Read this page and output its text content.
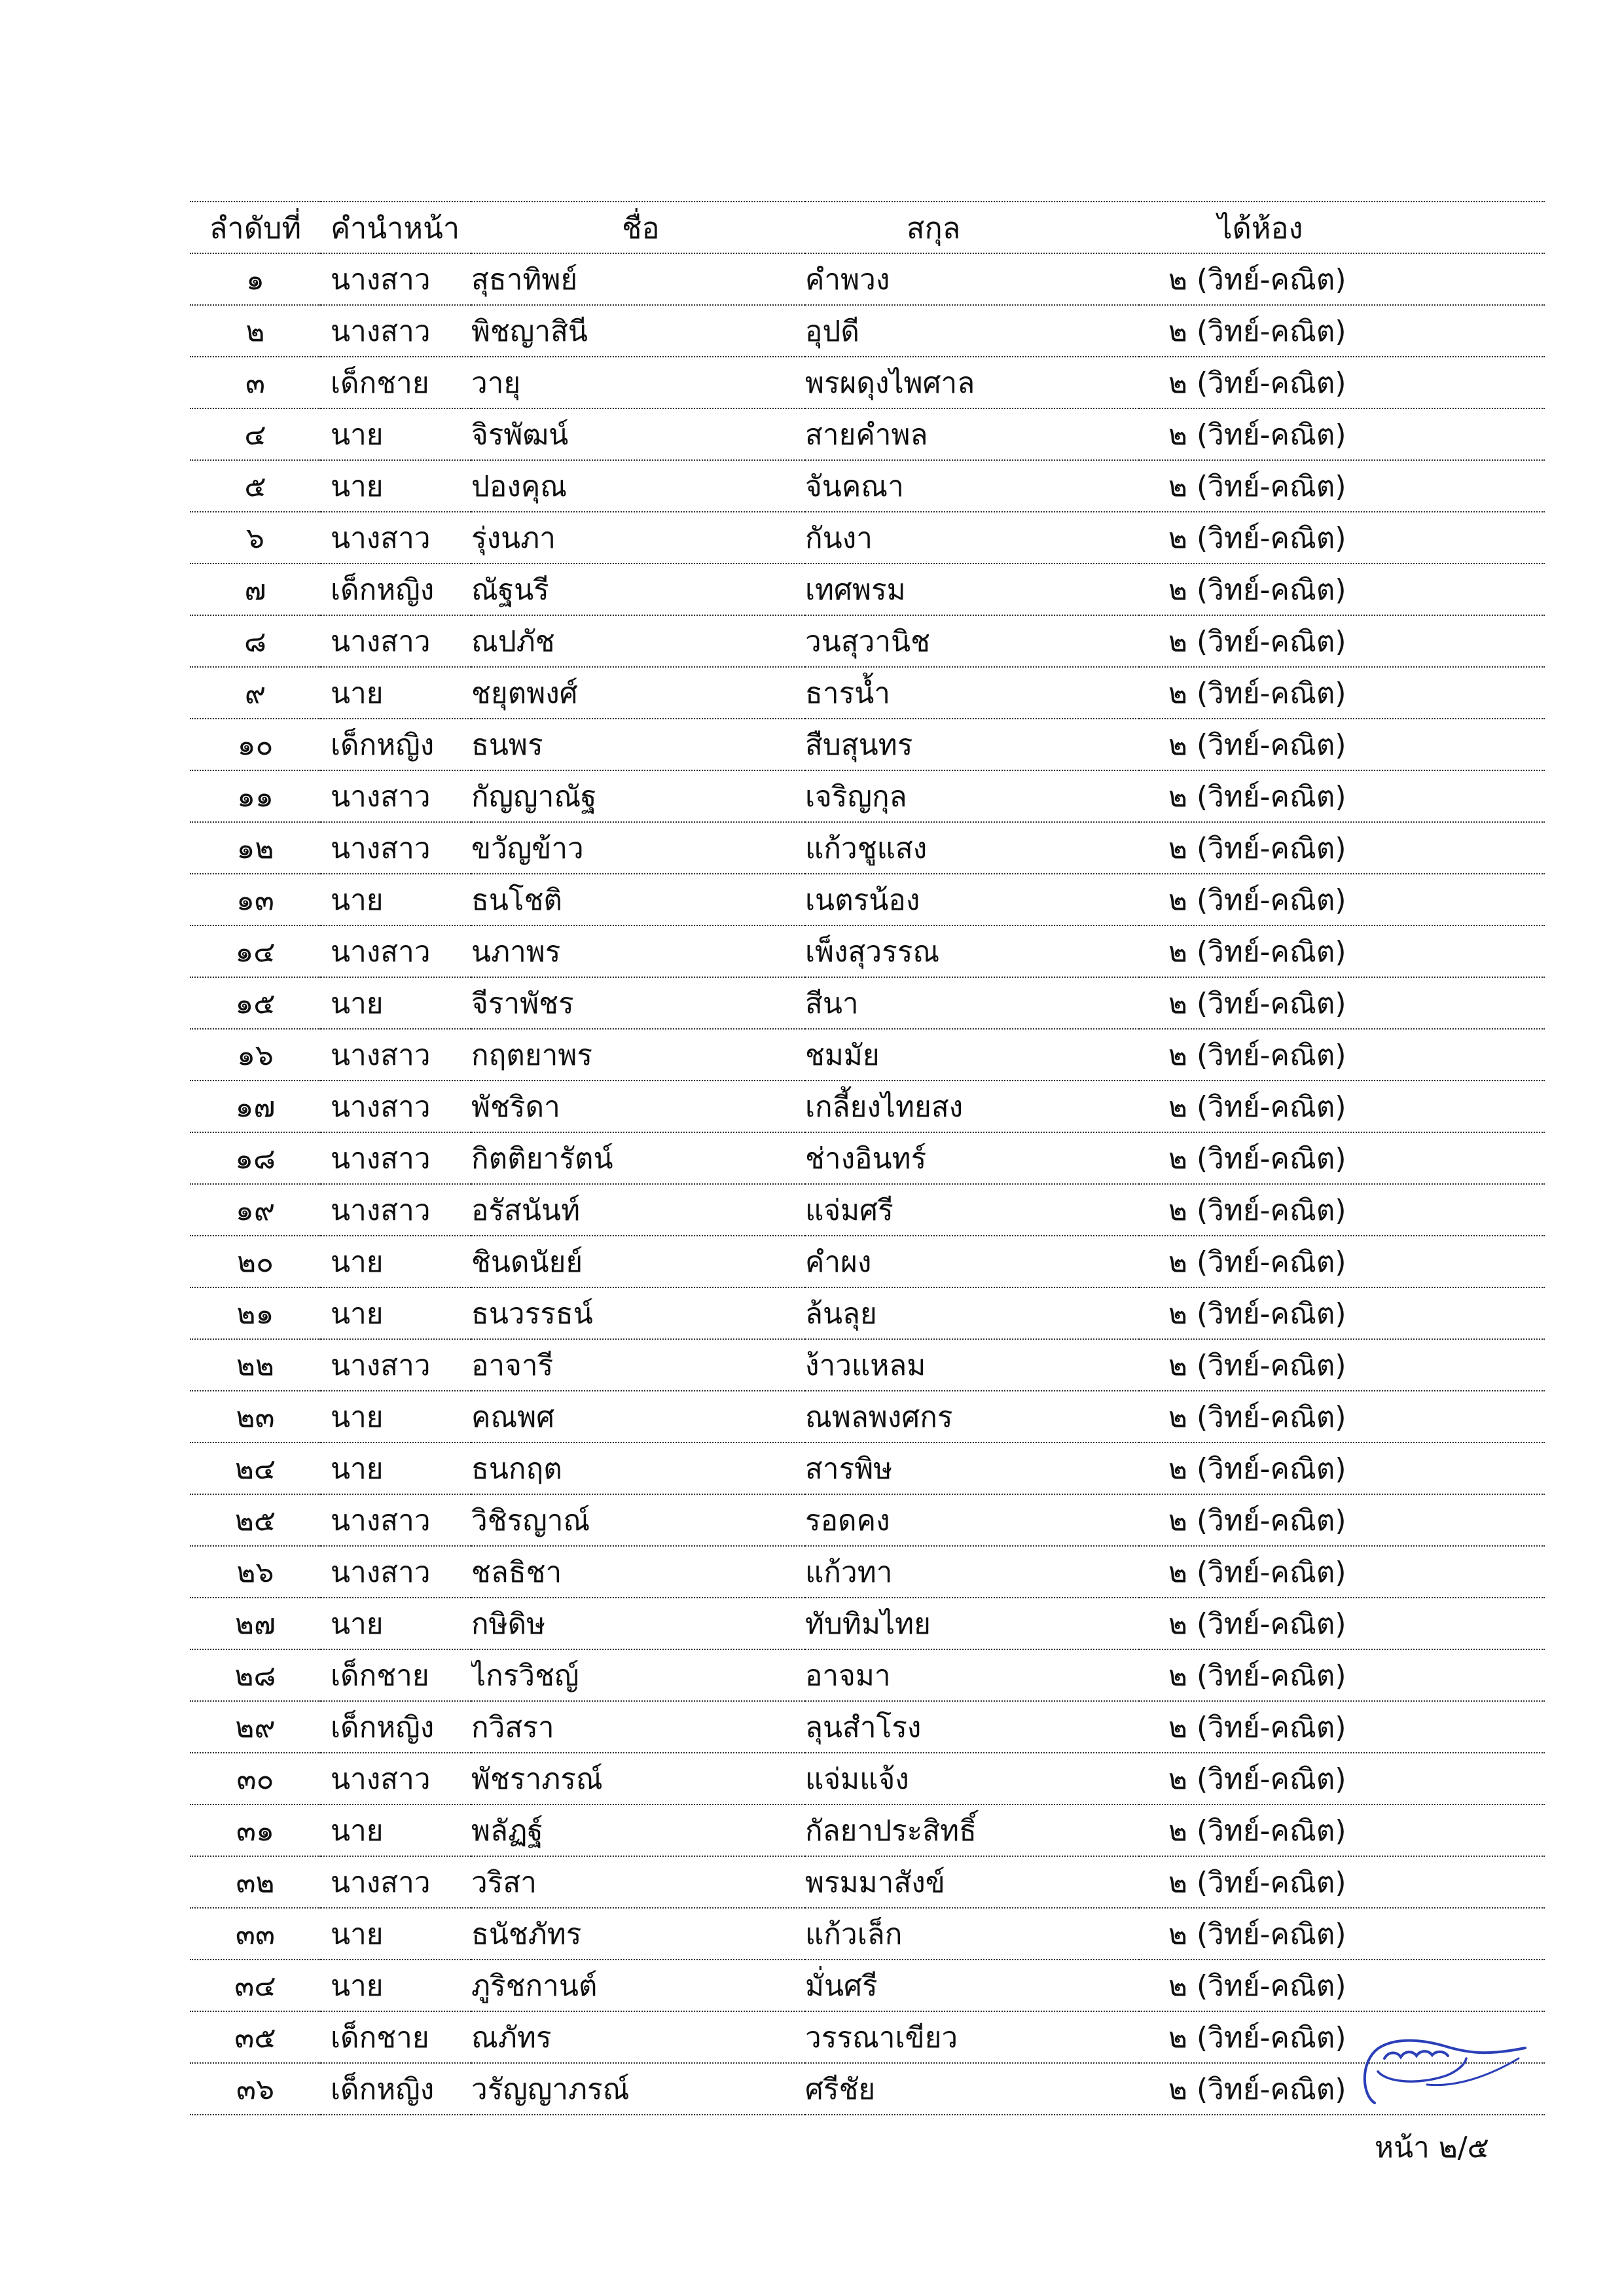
ลำดับที่	คำนำหน้า	ชื่อ	สกุล	ได้ห้อง
๑	นางสาว	สุธาทิพย์	คำพวง	๒ (วิทย์-คณิต)
๒	นางสาว	พิชญาสินี	อุปดี	๒ (วิทย์-คณิต)
๓	เด็กชาย	วายุ	พรผดุงไพศาล	๒ (วิทย์-คณิต)
๔	นาย	จิรพัฒน์	สายคำพล	๒ (วิทย์-คณิต)
๕	นาย	ปองคุณ	จันคณา	๒ (วิทย์-คณิต)
๖	นางสาว	รุ่งนภา	กันงา	๒ (วิทย์-คณิต)
๗	เด็กหญิง	ณัฐนรี	เทศพรม	๒ (วิทย์-คณิต)
๘	นางสาว	ณปภัช	วนสุวานิช	๒ (วิทย์-คณิต)
๙	นาย	ชยุตพงศ์	ธารน้ำ	๒ (วิทย์-คณิต)
๑๐	เด็กหญิง	ธนพร	สืบสุนทร	๒ (วิทย์-คณิต)
๑๑	นางสาว	กัญญาณัฐ	เจริญกุล	๒ (วิทย์-คณิต)
๑๒	นางสาว	ขวัญข้าว	แก้วชูแสง	๒ (วิทย์-คณิต)
๑๓	นาย	ธนโชติ	เนตรน้อง	๒ (วิทย์-คณิต)
๑๔	นางสาว	นภาพร	เพ็งสุวรรณ	๒ (วิทย์-คณิต)
๑๕	นาย	จีราพัชร	สีนา	๒ (วิทย์-คณิต)
๑๖	นางสาว	กฤตยาพร	ชมมัย	๒ (วิทย์-คณิต)
๑๗	นางสาว	พัชริดา	เกลี้ยงไทยสง	๒ (วิทย์-คณิต)
๑๘	นางสาว	กิตติยารัตน์	ช่างอินทร์	๒ (วิทย์-คณิต)
๑๙	นางสาว	อรัสนันท์	แจ่มศรี	๒ (วิทย์-คณิต)
๒๐	นาย	ชินดนัยย์	คำผง	๒ (วิทย์-คณิต)
๒๑	นาย	ธนวรรธน์	ล้นลุย	๒ (วิทย์-คณิต)
๒๒	นางสาว	อาจารี	ง้าวแหลม	๒ (วิทย์-คณิต)
๒๓	นาย	คณพศ	ณพลพงศกร	๒ (วิทย์-คณิต)
๒๔	นาย	ธนกฤต	สารพิษ	๒ (วิทย์-คณิต)
๒๕	นางสาว	วิชิรญาณ์	รอดคง	๒ (วิทย์-คณิต)
๒๖	นางสาว	ชลธิชา	แก้วทา	๒ (วิทย์-คณิต)
๒๗	นาย	กษิดิษ	ทับทิมไทย	๒ (วิทย์-คณิต)
๒๘	เด็กชาย	ไกรวิชญ์	อาจมา	๒ (วิทย์-คณิต)
๒๙	เด็กหญิง	กวิสรา	ลุนสำโรง	๒ (วิทย์-คณิต)
๓๐	นางสาว	พัชราภรณ์	แจ่มแจ้ง	๒ (วิทย์-คณิต)
๓๑	นาย	พลัฏฐ์	กัลยาประสิทธิ์	๒ (วิทย์-คณิต)
๓๒	นางสาว	วริสา	พรมมาสังข์	๒ (วิทย์-คณิต)
๓๓	นาย	ธนัชภัทร	แก้วเล็ก	๒ (วิทย์-คณิต)
๓๔	นาย	ภูริชกานต์	มั่นศรี	๒ (วิทย์-คณิต)
๓๕	เด็กชาย	ณภัทร	วรรณาเขียว	๒ (วิทย์-คณิต)
๓๖	เด็กหญิง	วรัญญาภรณ์	ศรีชัย	๒ (วิทย์-คณิต)
หน้า ๒/๕
